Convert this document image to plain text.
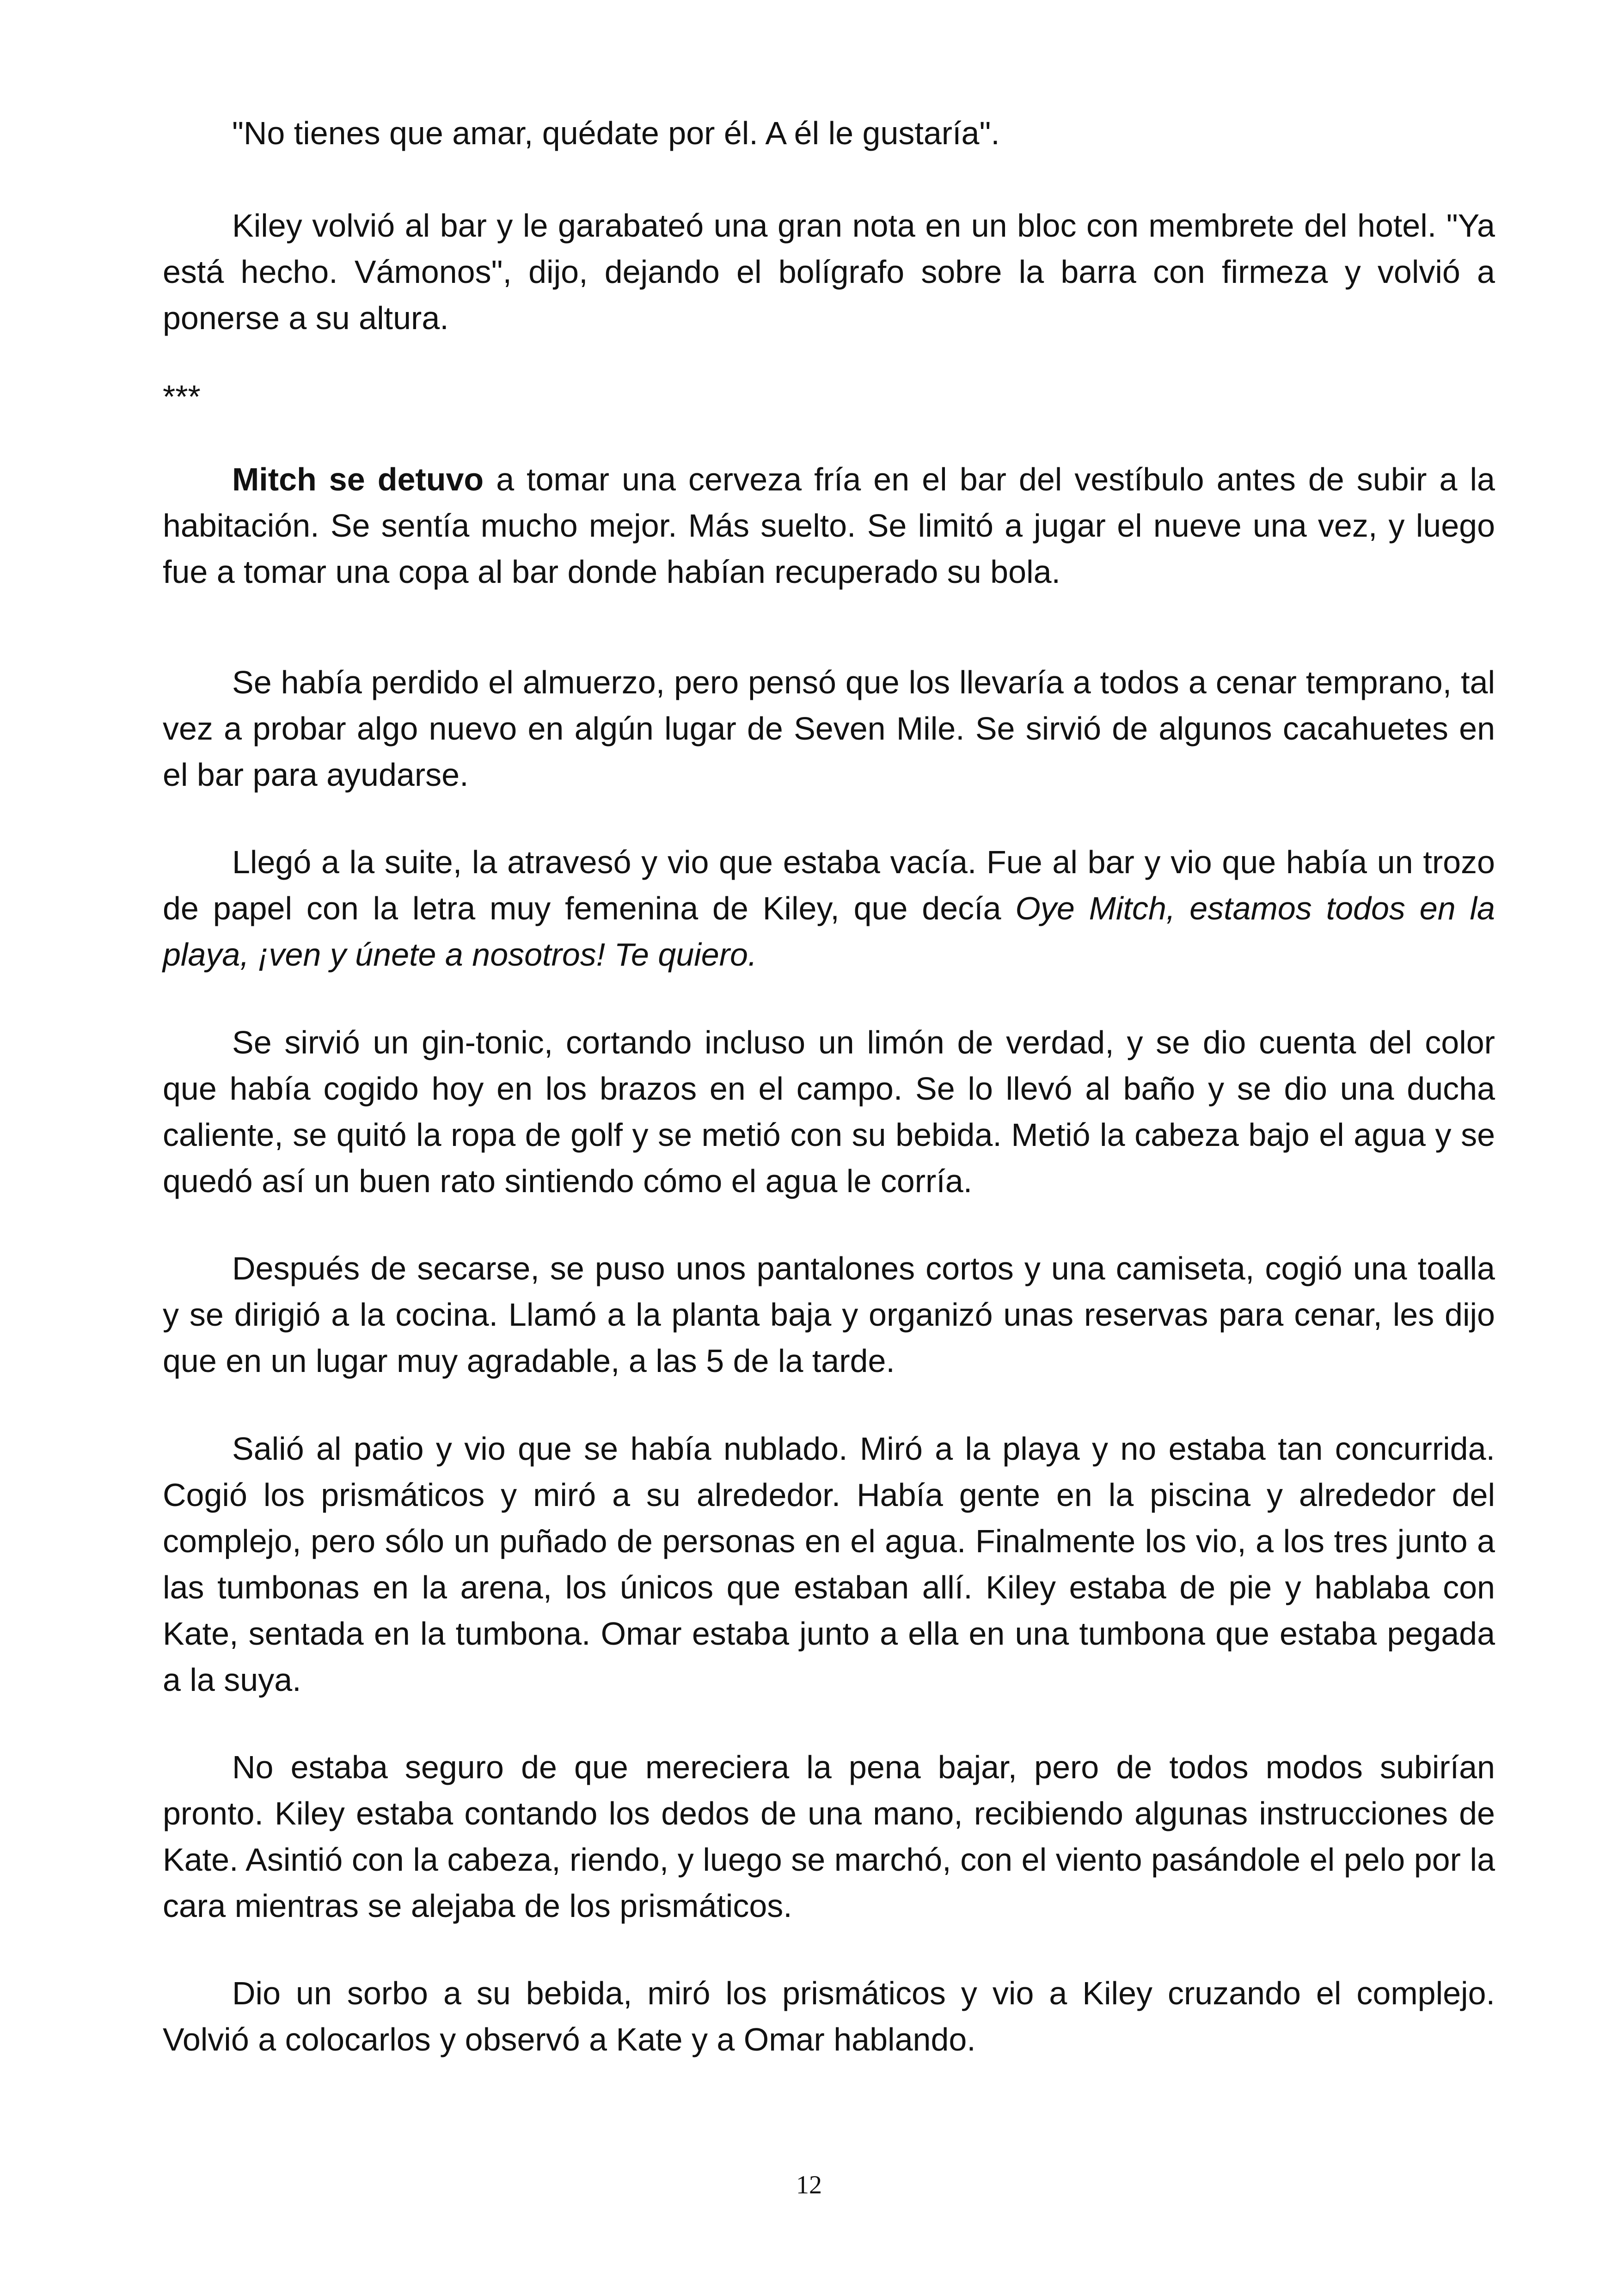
"No tienes que amar, quédate por él. A él le gustaría".

Kiley volvió al bar y le garabateó una gran nota en un bloc con membrete del hotel. "Ya está hecho. Vámonos", dijo, dejando el bolígrafo sobre la barra con firmeza y volvió a ponerse a su altura.

***

Mitch se detuvo a tomar una cerveza fría en el bar del vestíbulo antes de subir a la habitación. Se sentía mucho mejor. Más suelto. Se limitó a jugar el nueve una vez, y luego fue a tomar una copa al bar donde habían recuperado su bola.

Se había perdido el almuerzo, pero pensó que los llevaría a todos a cenar temprano, tal vez a probar algo nuevo en algún lugar de Seven Mile. Se sirvió de algunos cacahuetes en el bar para ayudarse.

Llegó a la suite, la atravesó y vio que estaba vacía. Fue al bar y vio que había un trozo de papel con la letra muy femenina de Kiley, que decía Oye Mitch, estamos todos en la playa, ¡ven y únete a nosotros! Te quiero.

Se sirvió un gin-tonic, cortando incluso un limón de verdad, y se dio cuenta del color que había cogido hoy en los brazos en el campo. Se lo llevó al baño y se dio una ducha caliente, se quitó la ropa de golf y se metió con su bebida. Metió la cabeza bajo el agua y se quedó así un buen rato sintiendo cómo el agua le corría.

Después de secarse, se puso unos pantalones cortos y una camiseta, cogió una toalla y se dirigió a la cocina. Llamó a la planta baja y organizó unas reservas para cenar, les dijo que en un lugar muy agradable, a las 5 de la tarde.

Salió al patio y vio que se había nublado. Miró a la playa y no estaba tan concurrida. Cogió los prismáticos y miró a su alrededor. Había gente en la piscina y alrededor del complejo, pero sólo un puñado de personas en el agua. Finalmente los vio, a los tres junto a las tumbonas en la arena, los únicos que estaban allí. Kiley estaba de pie y hablaba con Kate, sentada en la tumbona. Omar estaba junto a ella en una tumbona que estaba pegada a la suya.

No estaba seguro de que mereciera la pena bajar, pero de todos modos subirían pronto. Kiley estaba contando los dedos de una mano, recibiendo algunas instrucciones de Kate. Asintió con la cabeza, riendo, y luego se marchó, con el viento pasándole el pelo por la cara mientras se alejaba de los prismáticos.

Dio un sorbo a su bebida, miró los prismáticos y vio a Kiley cruzando el complejo. Volvió a colocarlos y observó a Kate y a Omar hablando.

12
